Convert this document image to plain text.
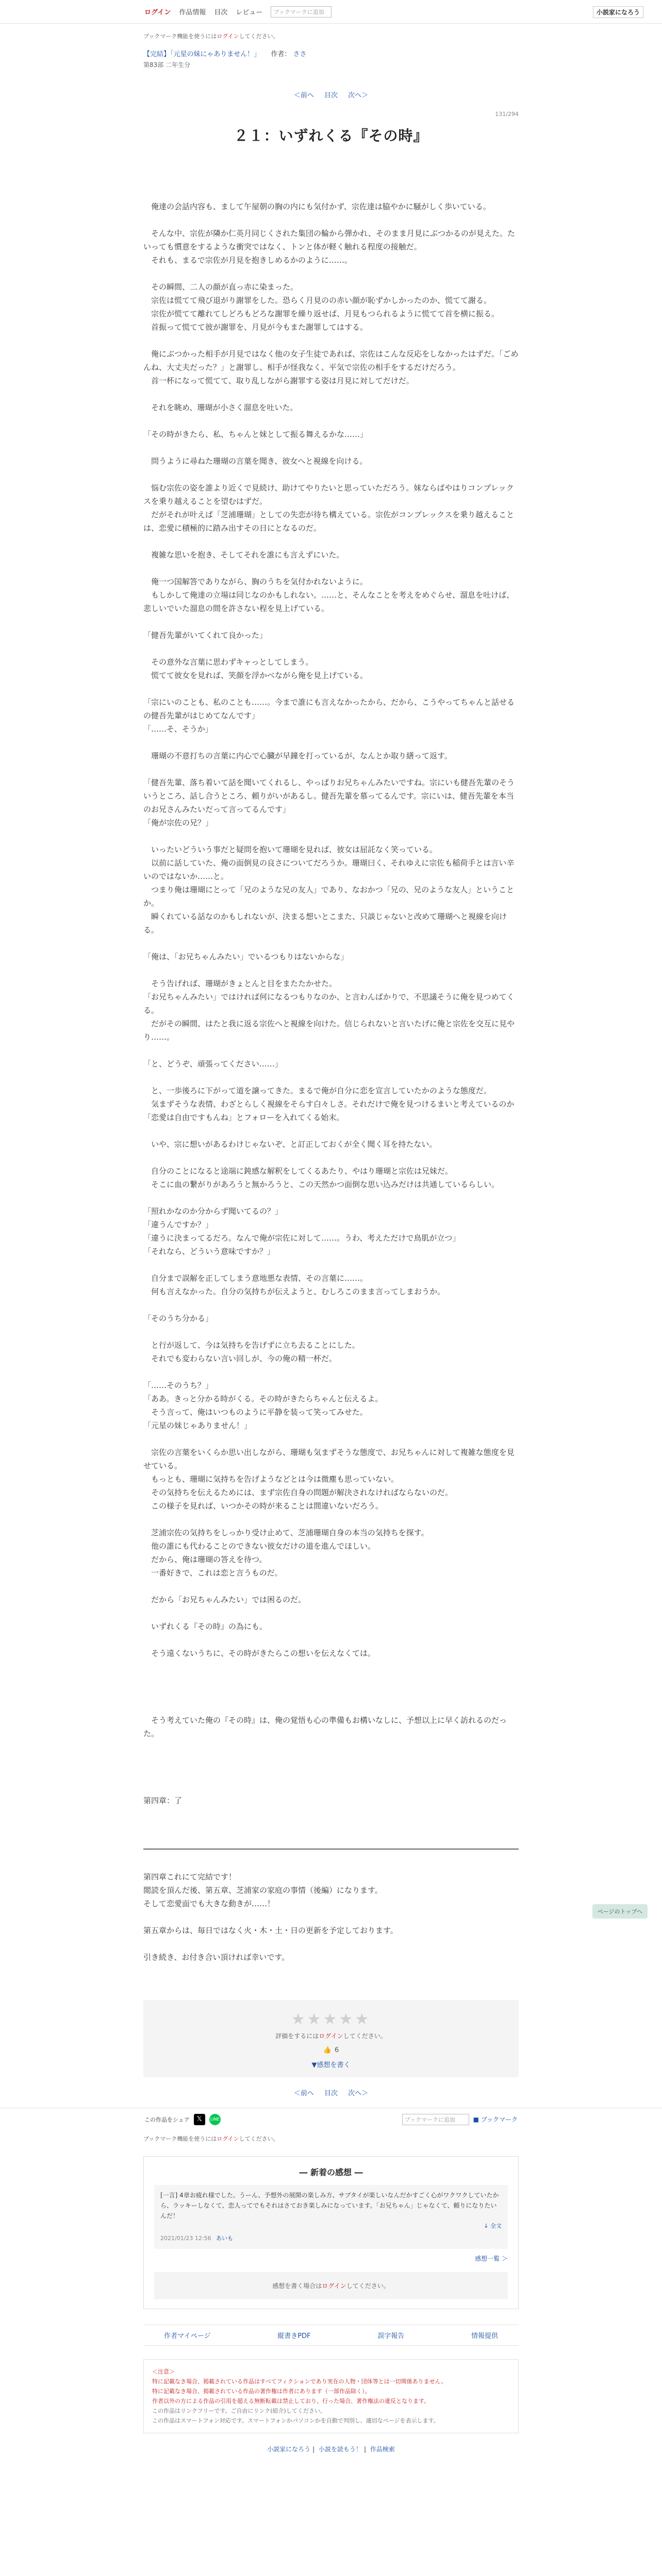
ログイン 作品情報 目次 レビュー	ブックマークに追加	小説家になろう
ブックマーク機能を使うにはログインしてください。
【完結】「元星の妹にゃありません！」 作者： ささ
第83部 二年生分
＜前へ 目次 次へ＞
131/294
２１：いずれくる『その時』

　俺達の会話内容も、まして午屋朝の胸の内にも気付かず、宗佐達は脇やかに騒がしく歩いている。

　そんな中、宗佐が隣か仁英月同じくされた集団の輪から弾かれ、そのまま月見にぶつかるのが見えた。たいっても慣意をするような衝突ではなく、トンと体が軽く触れる程度の接触だ。

　それも、まるで宗佐が月見を抱きしめるかのように……。

　その瞬間、二人の顔が直っ赤に染まった。

　宗佐は慌てて飛び退がり謝罪をした。恐らく月見のの赤い顔が恥ずかしかったのか、慌てて謝る。

　宗佐が慌てて離れてしどろもどろな謝罪を繰り返せば、月見もつられるように慌てて首を横に振る。

　首振って慌てて彼が謝罪を、月見が今もまた謝罪してはする。

　俺にぶつかった相手が月見ではなく他の女子生徒であれば、宗佐はこんな反応をしなかったはずだ。「ごめんね、大丈夫だった？」と謝罪し、相手が怪我なく、平気で宗佐の相手をするだけだろう。

　首一杯になって慌てて、取り乱しながら謝罪する姿は月見に対してだけだ。

　それを眺め、珊瑚が小さく溜息を吐いた。

「その時がきたら、私、ちゃんと妹として振る舞えるかな……」

　問うように尋ねた珊瑚の言葉を聞き、彼女へと視線を向ける。

　悩む宗佐の姿を誰より近くで見続け、助けてやりたいと思っていただろう。妹ならばやはりコンプレックスを乗り越えることを望むはずだ。

　だがそれが叶えば「芝浦珊瑚」としての失恋が待ち構えている。宗佐がコンプレックスを乗り越えることは、恋愛に積極的に踏み出すその日にとなるのだ。

　複雑な思いを抱き、そしてそれを誰にも言えずにいた。

　俺一つ国解答でありながら、胸のうちを気付かれないように。

　もしかして俺達の立場は同じなのかもしれない。……と、そんなことを考えをめぐらせ、溜息を吐けば、悲しいでいた溜息の間を許さない程を見上げている。

「健吾先輩がいてくれて良かった」

　その意外な言葉に思わずキャっとしてしまう。

　慌てて彼女を見れば、笑顔を浮かべながら俺を見上げている。

「宗にいのことも、私のことも……。今まで誰にも言えなかったから、だから、こうやってちゃんと話せるの健吾先輩がはじめてなんです」

「……そ、そうか」

　珊瑚の不意打ちの言葉に内心で心臓が早鐘を打っているが、なんとか取り繕って返す。

「健吾先輩、落ち着いて話を聞いてくれるし、やっぱりお兄ちゃんみたいですね。宗にいも健吾先輩のそういうところ、話し合うところ、頼りがいがあるし。健吾先輩を慕ってるんです。宗にいは、健吾先輩を本当のお兄さんみたいだって言ってるんです」

「俺が宗佐の兄？」

　いったいどういう事だと疑問を抱いて珊瑚を見れば、彼女は屈託なく笑っている。

　以前に話していた、俺の面倒見の良さについてだろうか。珊瑚曰く、それゆえに宗佐も稲荷手とは言い辛いのではないか……と。

　つまり俺は珊瑚にとって「兄のような兄の友人」であり、なおかつ「兄の、兄のような友人」ということか。

　瞬くれている話なのかもしれないが、決まる想いとこまた、只談じゃないと改めて珊瑚へと視線を向ける。

「俺は、「お兄ちゃんみたい」でいるつもりはないからな」

　そう告げれば、珊瑚がきょとんと目をまたたかせた。

「お兄ちゃんみたい」ではければ何になるつもりなのか、と言わんばかりで、不思議そうに俺を見つめてくる。

　だがその瞬間、はたと我に返る宗佐へと視線を向けた。信じられないと言いたげに俺と宗佐を交互に見やり……。

「と、どうぞ、頑張ってください……」

　と、一歩後ろに下がって道を譲ってきた。まるで俺が自分に恋を宣言していたかのような態度だ。

　気まずそうな表情、わざとらしく視線をそらす白々しさ。それだけで俺を見つけるまいと考えているのか「恋愛は自由ですもんね」とフォローを入れてくる始末。

　いや、宗に想いがあるわけじゃないぞ、と訂正しておくが全く聞く耳を持たない。

　自分のことになると途端に鈍感な解釈をしてくるあたり、やはり珊瑚と宗佐は兄妹だ。

　そこに血の繋がりがあろうと無かろうと、この天然かつ面倒な思い込みだけは共通しているらしい。

「照れかなのか分からず聞いてるの？」

「違うんですか？」

「違うに決まってるだろ。なんで俺が宗佐に対して……。うわ、考えただけで鳥肌が立つ」

「それなら、どういう意味ですか？」

　自分まで誤解を正してしまう意地悪な表情、その言葉に……。

　何も言えなかった。自分の気持ちが伝えようと、むしろこのまま言ってしまおうか。

「そのうち分かる」

　と行が返して、今は気持ちを告げずに立ち去ることにした。

　それでも変わらない言い回しが、今の俺の精一杯だ。

「……そのうち？」

「ああ。きっと分かる時がくる。その時がきたらちゃんと伝えるよ。

　そう言って、俺はいつものように平静を装って笑ってみせた。

「元星の妹じゃありません！」

　宗佐の言葉をいくらか思い出しながら、珊瑚も気まずそうな態度で、お兄ちゃんに対して複雑な態度を見せている。

　もっとも、珊瑚に気持ちを告げようなどとは今は微塵も思っていない。

　その気持ちを伝えるためには、まず宗佐自身の問題が解決されなければならないのだ。

　この様子を見れば、いつかその時が来ることは間違いないだろう。

　芝浦宗佐の気持ちをしっかり受け止めて、芝浦珊瑚自身の本当の気持ちを探す。

　他の誰にも代わることのできない彼女だけの道を進んでほしい。

　だから、俺は珊瑚の答えを待つ。

　一番好きで、これは恋と言うものだ。

　だから「お兄ちゃんみたい」では困るのだ。

　いずれくる『その時』の為にも。

　そう遠くないうちに、その時がきたらこの想いを伝えなくては。

　そう考えていた俺の『その時』は、俺の覚悟も心の準備もお構いなしに、予想以上に早く訪れるのだった。

第四章：了

第四章これにて完結です！

閲読を頂んだ後、第五章、芝浦家の家庭の事情（後編）になります。

そして恋愛面でも大きな動きが……！

第五章からは、毎日ではなく火・木・土・日の更新を予定しております。

引き続き、お付き合い頂ければ幸いです。

★★★★★
評価をするにはログインしてください。
👍 6
▼感想を書く
＜前へ 目次 次へ＞
この作品をシェア	𝕏	LINE	ブックマークに追加	■ ブックマーク
ブックマーク機能を使うにはログインしてください。
― 新着の感想 ―
[一言] 4章お疲れ様でした。うーん、予想外の展開の楽しみ方、サブタイが楽しいなんだかすごく心がワクワクしていたから、ラッキーしなくて、恋人ってでもそれはさておき楽しみになっています。「お兄ちゃん」じゃなくて、頼りになりたいんだ！
↓ 全文
2021/01/23 12:56 あいも
感想一覧 ＞
感想を書く場合はログインしてください。
作者マイページ	縦書きPDF	誤字報告	情報提供
＜注意＞
特に記載なき場合、掲載されている作品はすべてフィクションであり実在の人物・団体等とは一切関係ありません。
特に記載なき場合、掲載されている作品の著作権は作者にあります（一部作品除く）。
作者以外の方による作品の引用を超える無断転載は禁止しており、行った場合、著作権法の違反となります。
この作品はリンクフリーです。ご自由にリンク(紹介)してください。
この作品はスマートフォン対応です。スマートフォンかパソコンかを自動で判別し、適切なページを表示します。
小説家になろう | 小説を読もう！ | 作品検索
ページのトップへ
